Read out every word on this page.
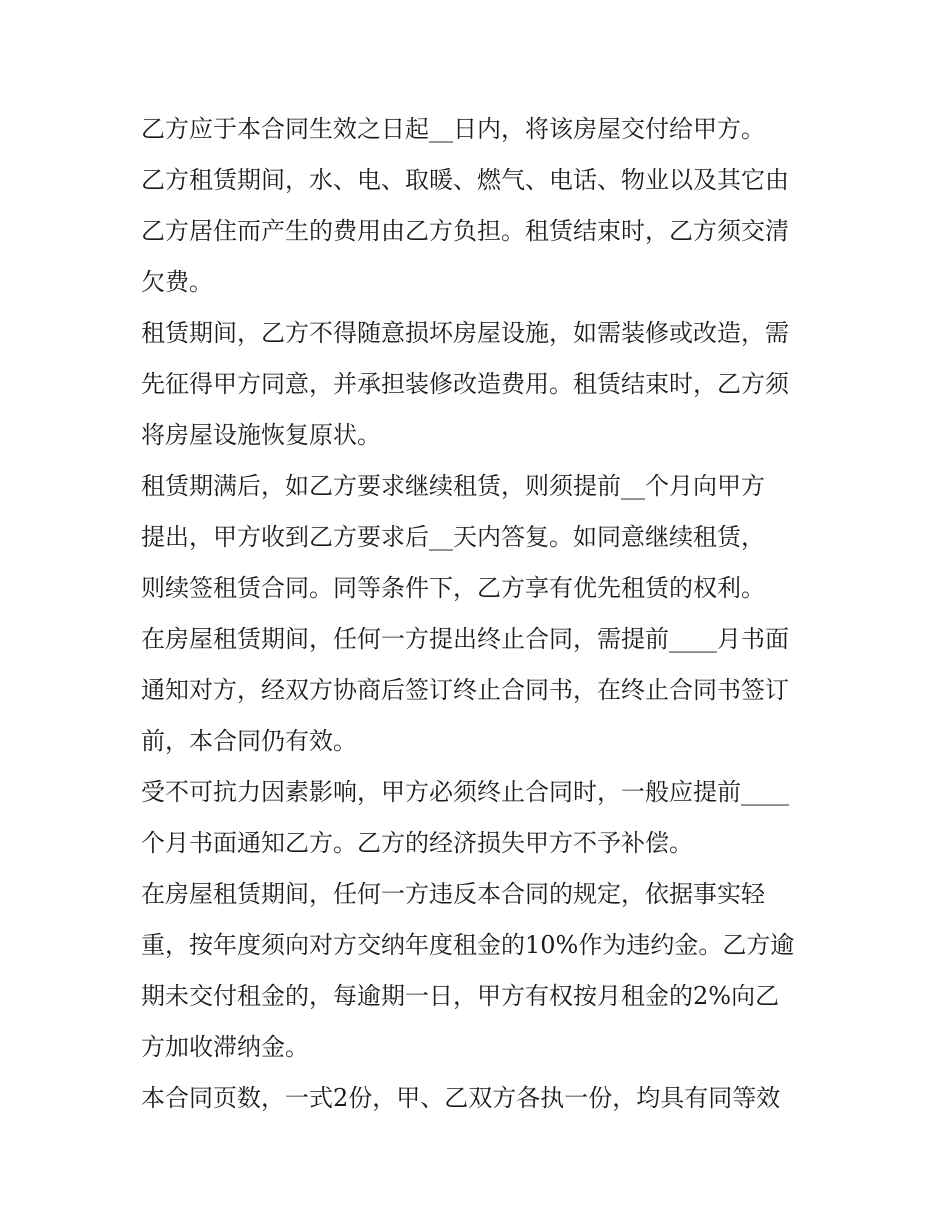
乙方应于本合同生效之日起__日内，将该房屋交付给甲方。
乙方租赁期间，水、电、取暖、燃气、电话、物业以及其它由
乙方居住而产生的费用由乙方负担。租赁结束时，乙方须交清
欠费。
租赁期间，乙方不得随意损坏房屋设施，如需装修或改造，需
先征得甲方同意，并承担装修改造费用。租赁结束时，乙方须
将房屋设施恢复原状。
租赁期满后，如乙方要求继续租赁，则须提前__个月向甲方
提出，甲方收到乙方要求后__天内答复。如同意继续租赁，
则续签租赁合同。同等条件下，乙方享有优先租赁的权利。
在房屋租赁期间，任何一方提出终止合同，需提前____月书面
通知对方，经双方协商后签订终止合同书，在终止合同书签订
前，本合同仍有效。
受不可抗力因素影响，甲方必须终止合同时，一般应提前____
个月书面通知乙方。乙方的经济损失甲方不予补偿。
在房屋租赁期间，任何一方违反本合同的规定，依据事实轻
重，按年度须向对方交纳年度租金的10%作为违约金。乙方逾
期未交付租金的，每逾期一日，甲方有权按月租金的2%向乙
方加收滞纳金。
本合同页数，一式2份，甲、乙双方各执一份，均具有同等效
